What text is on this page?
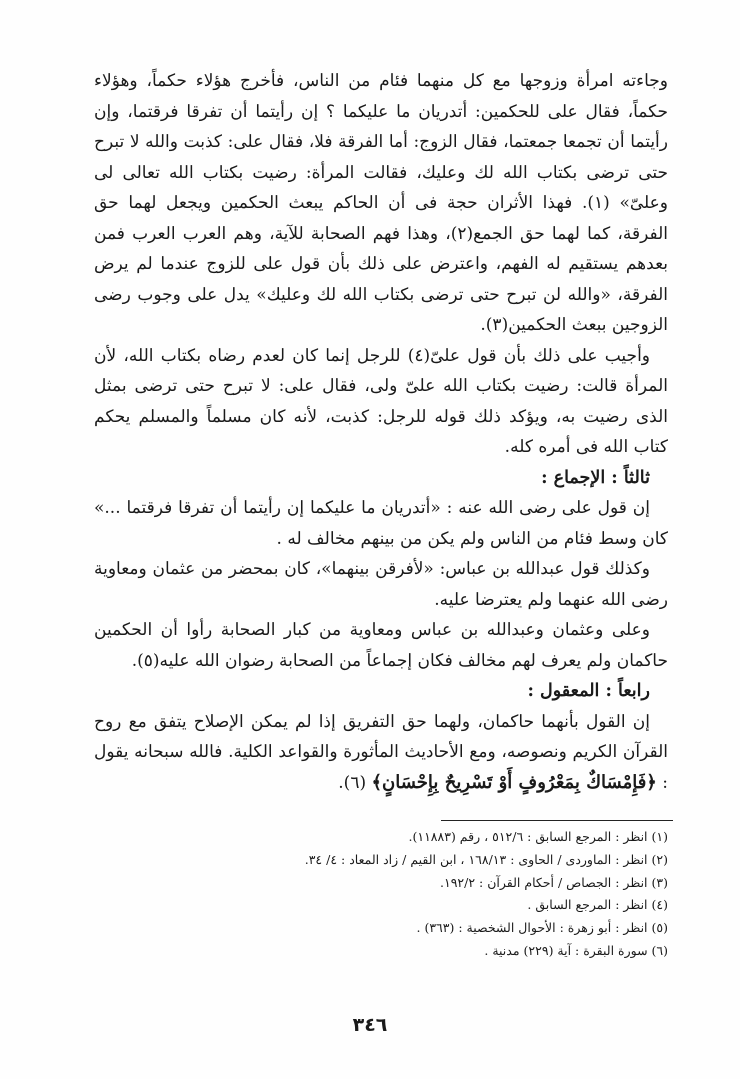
وجاءته امرأة وزوجها مع كل منهما فئام من الناس، فأخرج هؤلاء حكماً، وهؤلاء حكماً، فقال على للحكمين: أتدريان ما عليكما ؟ إن رأيتما أن تفرقا فرقتما، وإن رأيتما أن تجمعا جمعتما، فقال الزوج: أما الفرقة فلا، فقال على: كذبت والله لا تبرح حتى ترضى بكتاب الله لك وعليك، فقالت المرأة: رضيت بكتاب الله تعالى لى وعلىّ» (١). فهذا الأثران حجة فى أن الحاكم يبعث الحكمين ويجعل لهما حق الفرقة، كما لهما حق الجمع(٢)، وهذا فهم الصحابة للآية، وهم العرب العرب فمن بعدهم يستقيم له الفهم، واعترض على ذلك بأن قول على للزوج عندما لم يرض الفرقة، «والله لن تبرح حتى ترضى بكتاب الله لك وعليك» يدل على وجوب رضى الزوجين ببعث الحكمين(٣).

وأجيب على ذلك بأن قول علىّ(٤) للرجل إنما كان لعدم رضاه بكتاب الله، لأن المرأة قالت: رضيت بكتاب الله علىّ ولى، فقال على: لا تبرح حتى ترضى بمثل الذى رضيت به، ويؤكد ذلك قوله للرجل: كذبت، لأنه كان مسلماً والمسلم يحكم كتاب الله فى أمره كله.

ثالثاً : الإجماع :

إن قول على رضى الله عنه : «أتدريان ما عليكما إن رأيتما أن تفرقا فرقتما ...» كان وسط فئام من الناس ولم يكن من بينهم مخالف له .

وكذلك قول عبدالله بن عباس: «لأفرقن بينهما»، كان بمحضر من عثمان ومعاوية رضى الله عنهما ولم يعترضا عليه.

وعلى وعثمان وعبدالله بن عباس ومعاوية من كبار الصحابة رأوا أن الحكمين حاكمان ولم يعرف لهم مخالف فكان إجماعاً من الصحابة رضوان الله عليه(٥).

رابعاً : المعقول :

إن القول بأنهما حاكمان، ولهما حق التفريق إذا لم يمكن الإصلاح يتفق مع روح القرآن الكريم ونصوصه، ومع الأحاديث المأثورة والقواعد الكلية. فالله سبحانه يقول : ﴿فَإِمْسَاكٌ بِمَعْرُوفٍ أَوْ تَسْرِيحٌ بِإِحْسَانٍ﴾ (٦).

(١) انظر : المرجع السابق : ٥١٢/٦ ، رقم (١١٨٨٣).
(٢) انظر : الماوردى / الحاوى : ١٦٨/١٣ ، ابن القيم / زاد المعاد : ٤/ ٣٤.
(٣) انظر : الجصاص / أحكام القرآن : ١٩٢/٢.
(٤) انظر : المرجع السابق .
(٥) انظر : أبو زهرة : الأحوال الشخصية : (٣٦٣) .
(٦) سورة البقرة : آية (٢٢٩) مدنية .
٣٤٦
